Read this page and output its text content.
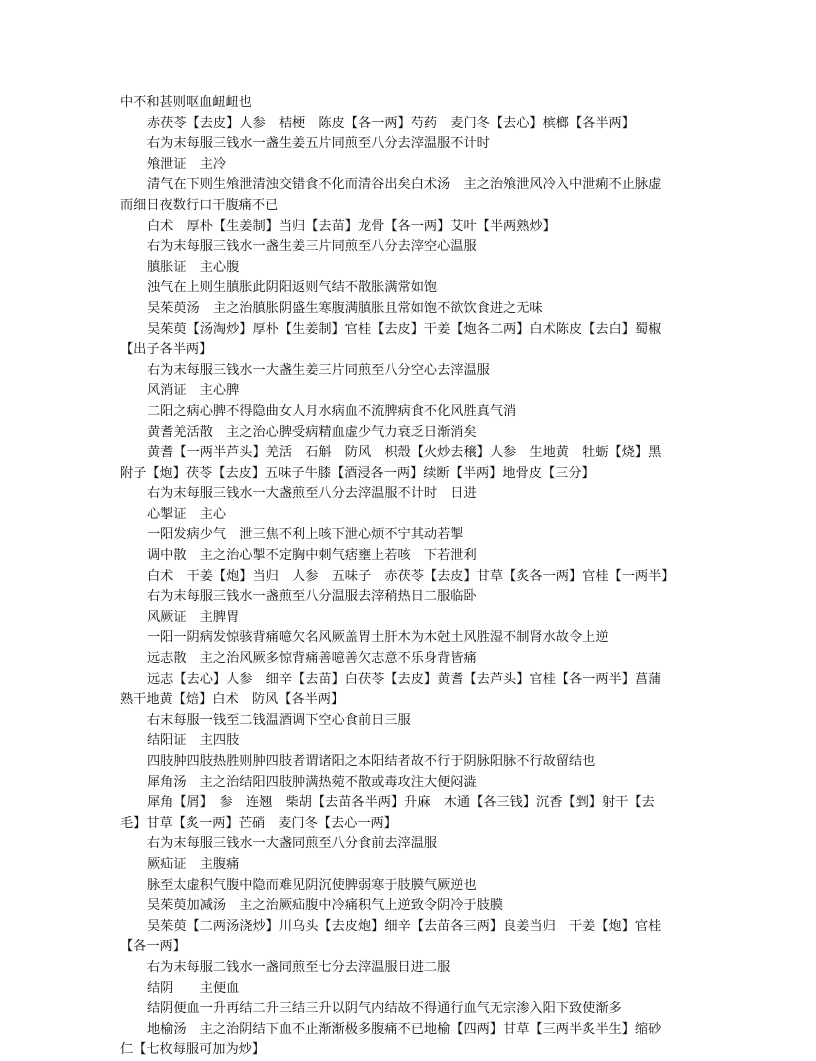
中不和甚则呕血衄衄也
赤茯苓【去皮】人参　桔梗　陈皮【各一两】芍药　麦门冬【去心】槟榔【各半两】
右为末每服三钱水一盏生姜五片同煎至八分去滓温服不计时
飧泄证　主冷
清气在下则生飧泄清浊交错食不化而清谷出矣白术汤　主之治飧泄风冷入中泄痢不止脉虚
而细日夜数行口干腹痛不已
白术　厚朴【生姜制】当归【去苗】龙骨【各一两】艾叶【半两熟炒】
右为末每服三钱水一盏生姜三片同煎至八分去滓空心温服
䐜胀证　主心腹
浊气在上则生䐜胀此阴阳返则气结不散胀满常如饱
吴茱萸汤　主之治䐜胀阴盛生寒腹满䐜胀且常如饱不欲饮食进之无味
吴茱萸【汤淘炒】厚朴【生姜制】官桂【去皮】干姜【炮各二两】白术陈皮【去白】蜀椒
【出子各半两】
右为末每服三钱水一大盏生姜三片同煎至八分空心去滓温服
风消证　主心脾
二阳之病心脾不得隐曲女人月水病血不流脾病食不化风胜真气消
黄耆羌活散　主之治心脾受病精血虚少气力衰乏日渐消矣
黄耆【一两半芦头】羌活　石斛　防风　枳殼【火炒去穣】人参　生地黄　牡蛎【烧】黑
附子【炮】茯苓【去皮】五味子牛膝【酒浸各一两】续断【半两】地骨皮【三分】
右为末每服三钱水一大盏煎至八分去滓温服不计时　日进
心掣证　主心
一阳发病少气　泄三焦不利上咳下泄心烦不宁其动若掣
调中散　主之治心掣不定胸中刺气痞壅上若咳　下若泄利
白术　干姜【炮】当归　人参　五味子　赤茯苓【去皮】甘草【炙各一两】官桂【一两半】
右为末每服三钱水一盏煎至八分温服去滓稍热日二服临卧
风厥证　主脾胃
一阳一阴病发惊骇背痛噫欠名风厥盖胃土肝木为木尅土风胜湿不制肾水故令上逆
远志散　主之治风厥多惊背痛善噫善欠志意不乐身背皆痛
远志【去心】人参　细辛【去苗】白茯苓【去皮】黄耆【去芦头】官桂【各一两半】菖蒲
熟干地黄【焙】白术　防风【各半两】
右末每服一钱至二钱温酒调下空心食前日三服
结阳证　主四肢
四肢肿四肢热胜则肿四肢者谓诸阳之本阳结者故不行于阴脉阳脉不行故留结也
犀角汤　主之治结阳四肢肿满热菀不散或毒攻注大便闷澁
犀角【屑】　参　连翘　柴胡【去苗各半两】升麻　木通【各三钱】沉香【剉】射干【去
毛】甘草【炙一两】芒硝　麦门冬【去心一两】
右为末每服三钱水一大盏同煎至八分食前去滓温服
厥疝证　主腹痛
脉至太虚积气腹中隐而难见阴沉使脾弱寒于肢膜气厥逆也
吴茱萸加减汤　主之治厥疝腹中冷痛积气上逆致令阴冷于肢膜
吴茱萸【二两汤浇炒】川乌头【去皮炮】细辛【去苗各三两】良姜当归　干姜【炮】官桂
【各一两】
右为末每服二钱水一盏同煎至七分去滓温服日进二服
结阴　　主便血
结阴便血一升再结二升三结三升以阴气内结故不得通行血气无宗渗入阳下致使渐多
地榆汤　主之治阴结下血不止渐渐极多腹痛不已地榆【四两】甘草【三两半炙半生】缩砂
仁【七枚每服可加为炒】
